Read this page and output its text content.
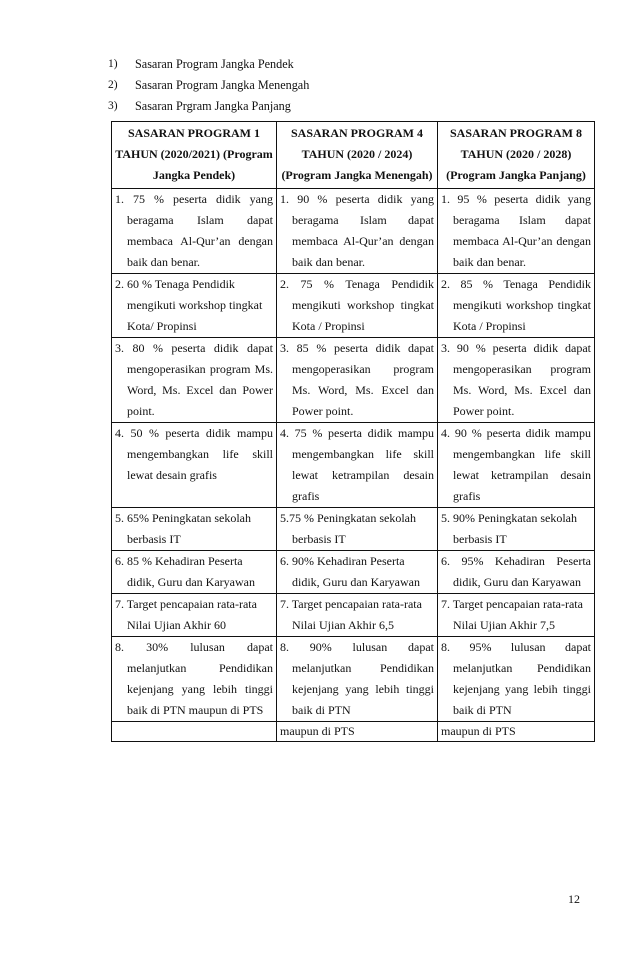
1)	Sasaran Program Jangka Pendek
2)	Sasaran Program Jangka Menengah
3)	Sasaran Prgram Jangka Panjang
SASARAN PROGRAM 1 TAHUN (2020/2021) (Program Jangka Pendek)	SASARAN PROGRAM 4 TAHUN (2020 / 2024) (Program Jangka Menengah)	SASARAN PROGRAM 8 TAHUN (2020 / 2028) (Program Jangka Panjang)

1. 75 % peserta didik yang beragama Islam dapat membaca Al-Qur’an dengan baik dan benar.	1. 90 % peserta didik yang beragama Islam dapat membaca Al-Qur’an dengan baik dan benar.	1. 95 % peserta didik yang beragama Islam dapat membaca Al-Qur’an dengan baik dan benar.

2. 60 % Tenaga Pendidik mengikuti workshop tingkat Kota/ Propinsi	2. 75 % Tenaga Pendidik mengikuti workshop tingkat Kota / Propinsi	2. 85 % Tenaga Pendidik mengikuti workshop tingkat Kota / Propinsi

3. 80 % peserta didik dapat mengoperasikan program Ms. Word, Ms. Excel dan Power point.	3. 85 % peserta didik dapat mengoperasikan program Ms. Word, Ms. Excel dan Power point.	3. 90 % peserta didik dapat mengoperasikan program Ms. Word, Ms. Excel dan Power point.

4. 50 % peserta didik mampu mengembangkan life skill lewat desain grafis	4. 75 % peserta didik mampu mengembangkan life skill lewat ketrampilan desain grafis	4. 90 % peserta didik mampu mengembangkan life skill lewat ketrampilan desain grafis

5. 65% Peningkatan sekolah berbasis IT	5.75 % Peningkatan sekolah berbasis IT	5. 90% Peningkatan sekolah berbasis IT

6. 85 % Kehadiran Peserta didik, Guru dan Karyawan	6. 90% Kehadiran Peserta didik, Guru dan Karyawan	6. 95% Kehadiran Peserta didik, Guru dan Karyawan

7. Target pencapaian rata-rata Nilai Ujian Akhir 60	7. Target pencapaian rata-rata Nilai Ujian Akhir 6,5	7. Target pencapaian rata-rata Nilai Ujian Akhir 7,5

8. 30% lulusan dapat melanjutkan Pendidikan kejenjang yang lebih tinggi baik di PTN maupun di PTS	8. 90% lulusan dapat melanjutkan Pendidikan kejenjang yang lebih tinggi baik di PTN	8. 95% lulusan dapat melanjutkan Pendidikan kejenjang yang lebih tinggi baik di PTN

	maupun di PTS	maupun di PTS
12
